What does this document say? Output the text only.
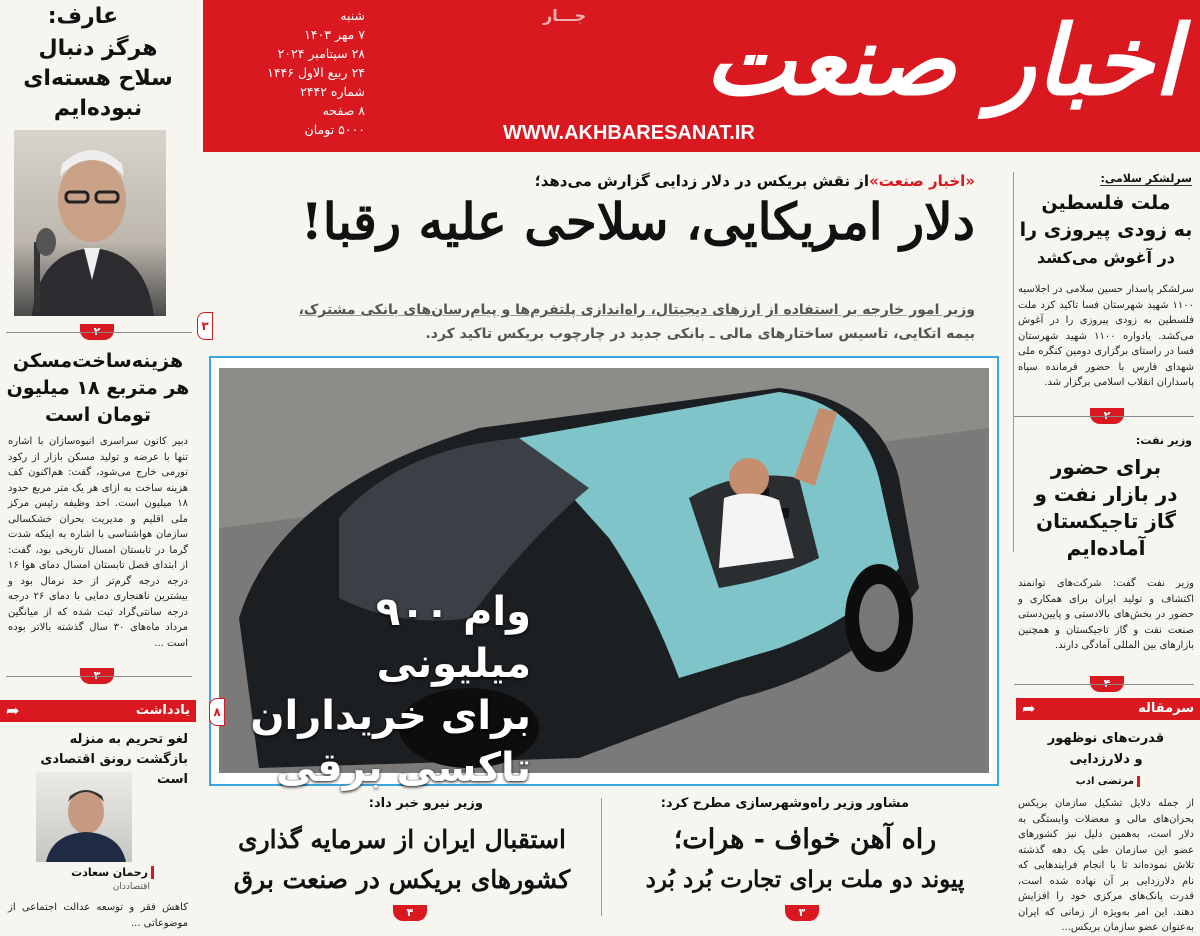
عارف:
هرگز دنبال
سلاح هسته‌ای
نبوده‌ایم
هزینه‌ساخت‌مسکن
هر متربع ۱۸ میلیون
تومان است
دبیر کانون سراسری انبوه‌سازان با اشاره تنها با عرضه و تولید مسکن بازار از رکود تورمی خارج می‌شود، گفت: هم‌اکنون کف هزینه ساخت به ازای هر یک متر مربع حدود ۱۸ میلیون است. احد وظیفه رئیس مرکز ملی اقلیم و مدیریت بحران خشکسالی سازمان هواشناسی با اشاره به اینکه شدت گرما در تابستان امسال تاریخی بود، گفت: از ابتدای فصل تابستان امسال دمای هوا ۱۶ درجه درجه گرم‌تر از حد نرمال بود و بیشترین ناهنجاری دمایی با دمای ۲۶ درجه درجه سانتی‌گراد ثبت شده که از میانگین مرداد ماه‌های ۳۰ سال گذشته بالاتر بوده است ...
یادداشت
➦
لغو تحریم به منزله
بازگشت رونق اقتصادی است
رحمان سعادت
اقتصاددان
کاهش فقر و توسعه عدالت اجتماعی از موضوعاتی ...
اخبار صنعت
جـــار
WWW.AKHBARESANAT.IR
شنبه
۷ مهر ۱۴۰۳
۲۸ سپتامبر ۲۰۲۴
۲۴ ربیع الاول ۱۴۴۶
شماره ۲۴۴۲
۸ صفحه
۵۰۰۰ تومان
«اخبار صنعت»از نقش بریکس در دلار زدایی گزارش می‌دهد؛
دلار امریکایی، سلاحی علیه رقبا!
وزیر امور خارجه بر استفاده از ارزهای دیجیتال، راه‌اندازی پلتفرم‌ها و پیام‌رسان‌های بانکی مشترک،
بیمه اتکایی، تاسیس ساختارهای مالی ـ بانکی جدید در چارچوب بریکس تاکید کرد.
۳
وام ۹۰۰ میلیونی
برای خریداران
تاکسی برقی
۸
مشاور وزیر راه‌وشهرسازی مطرح کرد:
راه آهن خواف - هرات؛
پیوند دو ملت برای تجارت بُرد بُرد
۳
وزیر نیرو خبر داد:
استقبال ایران از سرمایه گذاری
کشورهای بریکس در صنعت برق
۴
سرلشکر سلامی:
ملت فلسطین
به زودی پیروزی را
در آغوش می‌کشد
سرلشکر پاسدار حسین سلامی در اجلاسیه ۱۱۰۰ شهید شهرستان فسا تاکید کرد ملت فلسطین به زودی پیروزی را در آغوش می‌کشد. یادواره ۱۱۰۰ شهید شهرستان فسا در راستای برگزاری دومین کنگره ملی شهدای فارس با حضور فرمانده سپاه پاسداران انقلاب اسلامی برگزار شد.
وزیر نفت:
برای حضور
در بازار نفت و
گاز تاجیکستان
آماده‌ایم
وزیر نفت گفت: شرکت‌های توانمند اکتشاف و تولید ایران برای همکاری و حضور در بخش‌های بالادستی و پایین‌دستی صنعت نفت و گاز تاجیکستان و همچنین بازارهای بین المللی آمادگی دارند.
سرمقاله
➦
قدرت‌های نوظهور
و دلارزدایی
مرتضی ادب
از جمله دلایل تشکیل سازمان بریکس بحران‌های مالی و معضلات وابستگی به دلار است، به‌همین دلیل نیز کشورهای عضو این سازمان طی یک دهه گذشته تلاش نموده‌اند تا با انجام فرایندهایی که نام دلارزدایی بر آن نهاده شده است، قدرت پانک‌های مرکزی خود را افزایش دهند. این امر به‌ویژه از زمانی که ایران به‌عنوان عضو سازمان بریکس...
